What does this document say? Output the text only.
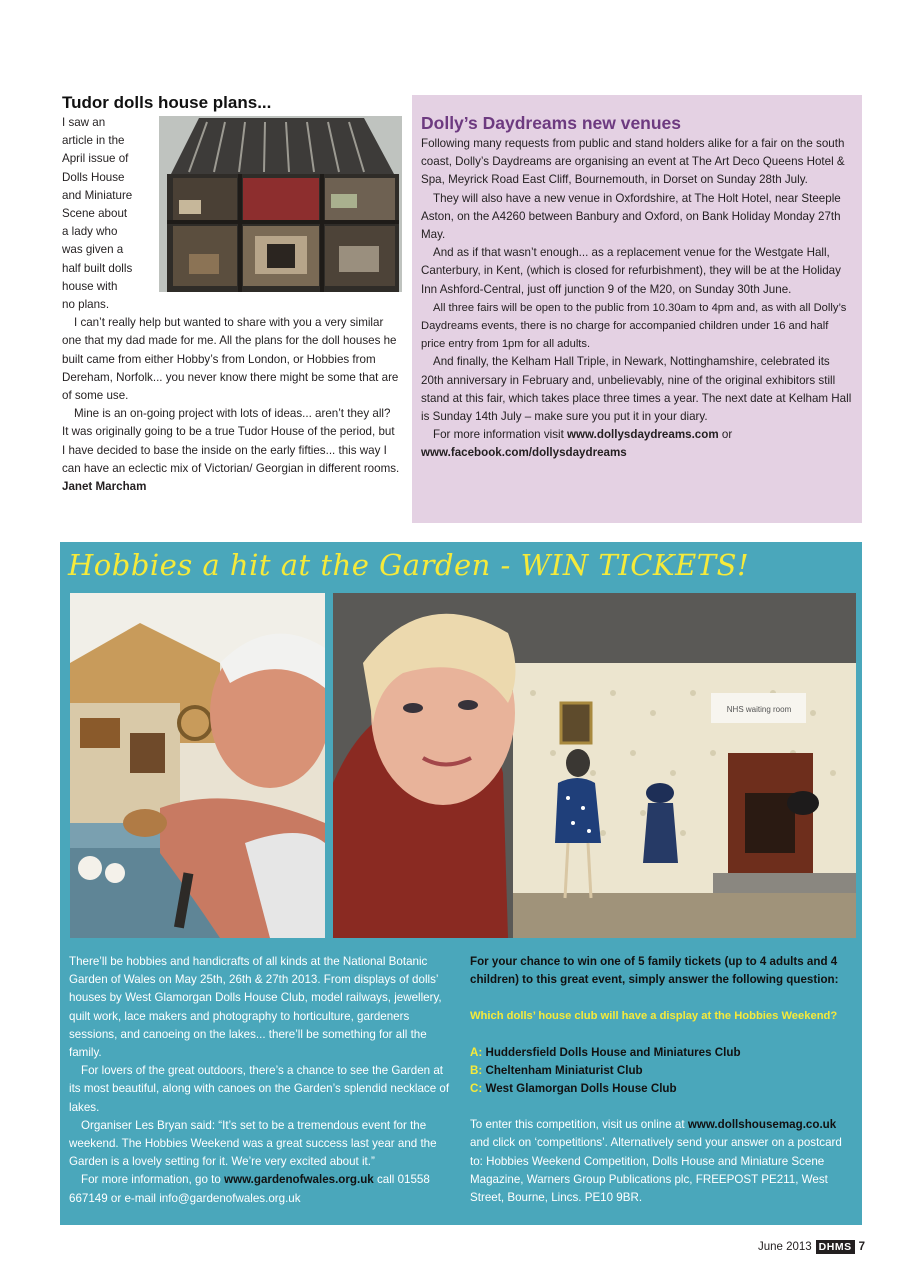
Tudor dolls house plans...

I saw an
article in the
April issue of
Dolls House
and Miniature
Scene about
a lady who
was given a
half built dolls
house with
no plans.

I can’t really help but wanted to share with you a very similar one that my dad made for me. All the plans for the doll houses he built came from either Hobby’s from London, or Hobbies from Dereham, Norfolk... you never know there might be some that are of some use.

Mine is an on-going project with lots of ideas... aren’t they all? It was originally going to be a true Tudor House of the period, but I have decided to base the inside on the early fifties... this way I can have an eclectic mix of Victorian/ Georgian in different rooms.

Janet Marcham

Dolly’s Daydreams new venues

Following many requests from public and stand holders alike for a fair on the south coast, Dolly’s Daydreams are organising an event at The Art Deco Queens Hotel & Spa, Meyrick Road East Cliff, Bournemouth, in Dorset on Sunday 28th July.

They will also have a new venue in Oxfordshire, at The Holt Hotel, near Steeple Aston, on the A4260 between Banbury and Oxford, on Bank Holiday Monday 27th May.

And as if that wasn’t enough... as a replacement venue for the Westgate Hall, Canterbury, in Kent, (which is closed for refurbishment), they will be at the Holiday Inn Ashford-Central, just off junction 9 of the M20, on Sunday 30th June.

All three fairs will be open to the public from 10.30am to 4pm and, as with all Dolly’s Daydreams events, there is no charge for accompanied children under 16 and half price entry from 1pm for all adults.

And finally, the Kelham Hall Triple, in Newark, Nottinghamshire, celebrated its 20th anniversary in February and, unbelievably, nine of the original exhibitors still stand at this fair, which takes place three times a year. The next date at Kelham Hall is Sunday 14th July – make sure you put it in your diary.

For more information visit www.dollysdaydreams.com or

www.facebook.com/dollysdaydreams

Hobbies a hit at the Garden - WIN TICKETS!
NHS waiting room

There’ll be hobbies and handicrafts of all kinds at the National Botanic Garden of Wales on May 25th, 26th & 27th 2013. From displays of dolls’ houses by West Glamorgan Dolls House Club, model railways, jewellery, quilt work, lace makers and photography to horticulture, gardeners sessions, and canoeing on the lakes... there’ll be something for all the family.

For lovers of the great outdoors, there’s a chance to see the Garden at its most beautiful, along with canoes on the Garden’s splendid necklace of lakes.

Organiser Les Bryan said: “It’s set to be a tremendous event for the weekend. The Hobbies Weekend was a great success last year and the Garden is a lovely setting for it. We’re very excited about it.”

For more information, go to www.gardenofwales.org.uk call 01558 667149 or e-mail info@gardenofwales.org.uk

For your chance to win one of 5 family tickets (up to 4 adults and 4 children) to this great event, simply answer the following question:

Which dolls’ house club will have a display at the Hobbies Weekend?

A: Huddersfield Dolls House and Miniatures Club

B: Cheltenham Miniaturist Club

C: West Glamorgan Dolls House Club

To enter this competition, visit us online at www.dollshousemag.co.uk and click on ‘competitions’. Alternatively send your answer on a postcard to: Hobbies Weekend Competition, Dolls House and Miniature Scene Magazine, Warners Group Publications plc, FREEPOST PE211, West Street, Bourne, Lincs. PE10 9BR.

June 2013 DHMS 7
